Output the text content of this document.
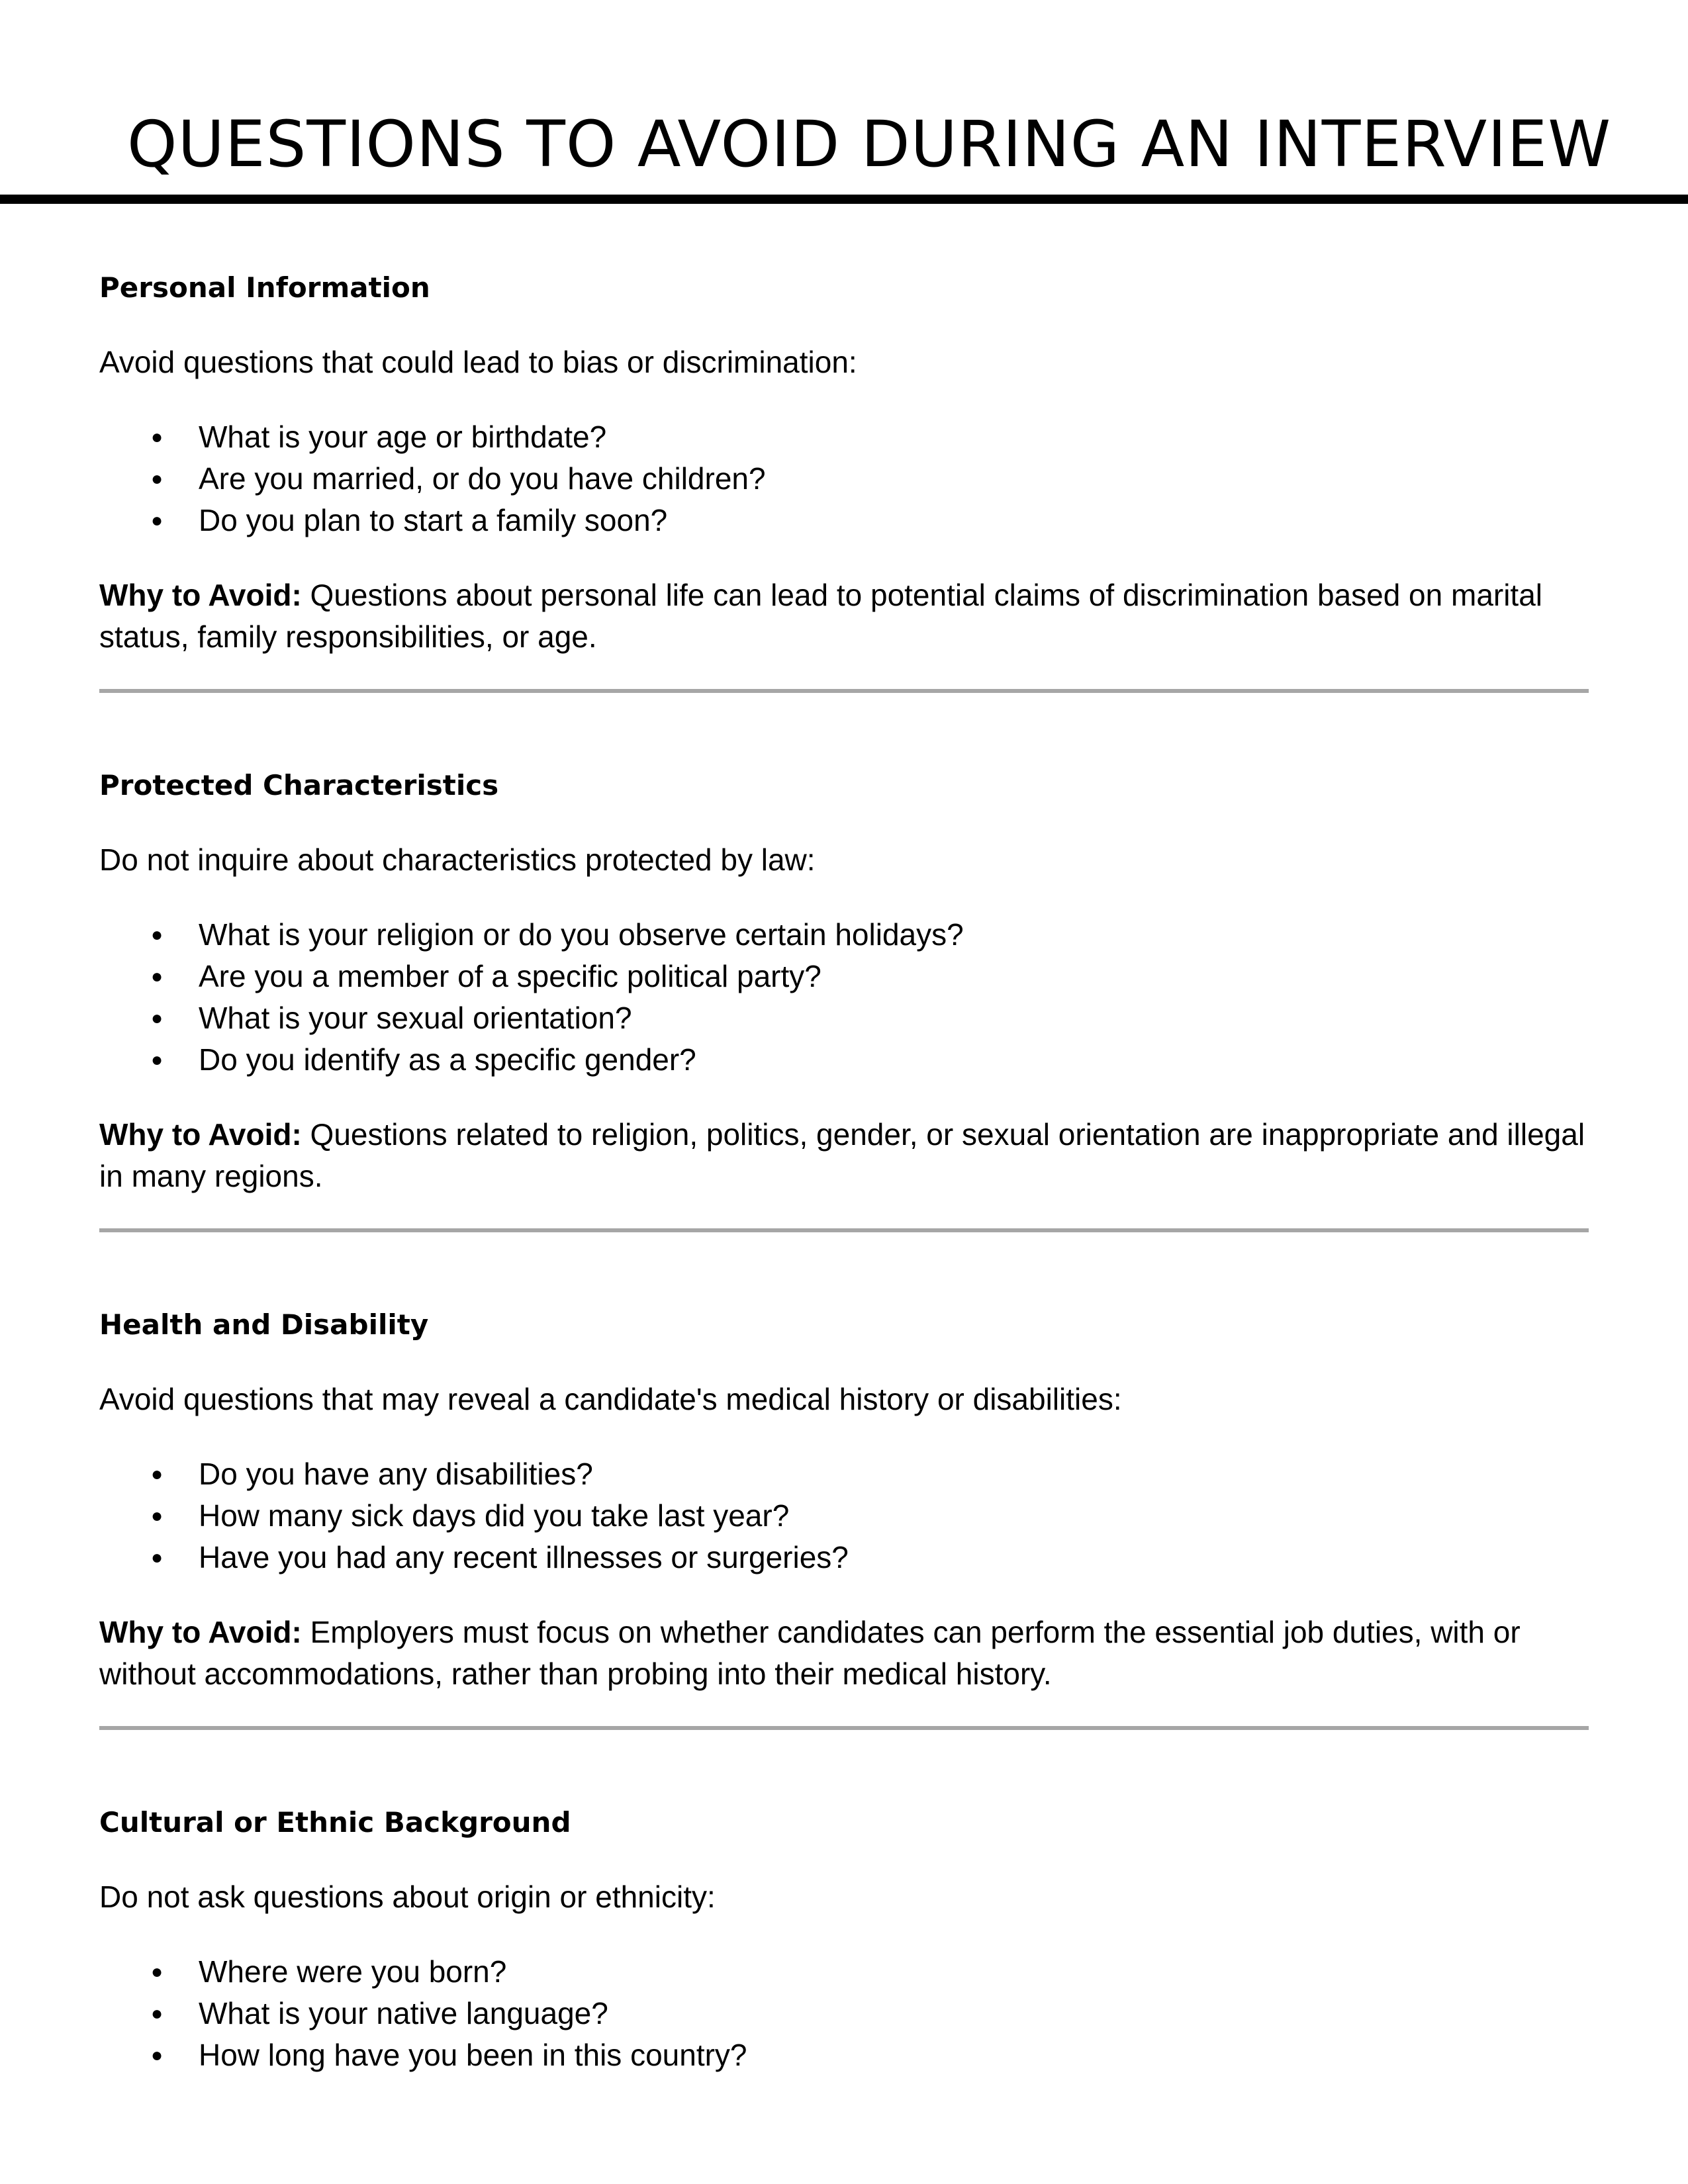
QUESTIONS TO AVOID DURING AN INTERVIEW
Personal Information

Avoid questions that could lead to bias or discrimination:

● What is your age or birthdate?
● Are you married, or do you have children?
● Do you plan to start a family soon?

Why to Avoid: Questions about personal life can lead to potential claims of discrimination based on marital status, family responsibilities, or age.

Protected Characteristics

Do not inquire about characteristics protected by law:

● What is your religion or do you observe certain holidays?
● Are you a member of a specific political party?
● What is your sexual orientation?
● Do you identify as a specific gender?

Why to Avoid: Questions related to religion, politics, gender, or sexual orientation are inappropriate and illegal in many regions.

Health and Disability

Avoid questions that may reveal a candidate's medical history or disabilities:

● Do you have any disabilities?
● How many sick days did you take last year?
● Have you had any recent illnesses or surgeries?

Why to Avoid: Employers must focus on whether candidates can perform the essential job duties, with or without accommodations, rather than probing into their medical history.

Cultural or Ethnic Background

Do not ask questions about origin or ethnicity:

● Where were you born?
● What is your native language?
● How long have you been in this country?
